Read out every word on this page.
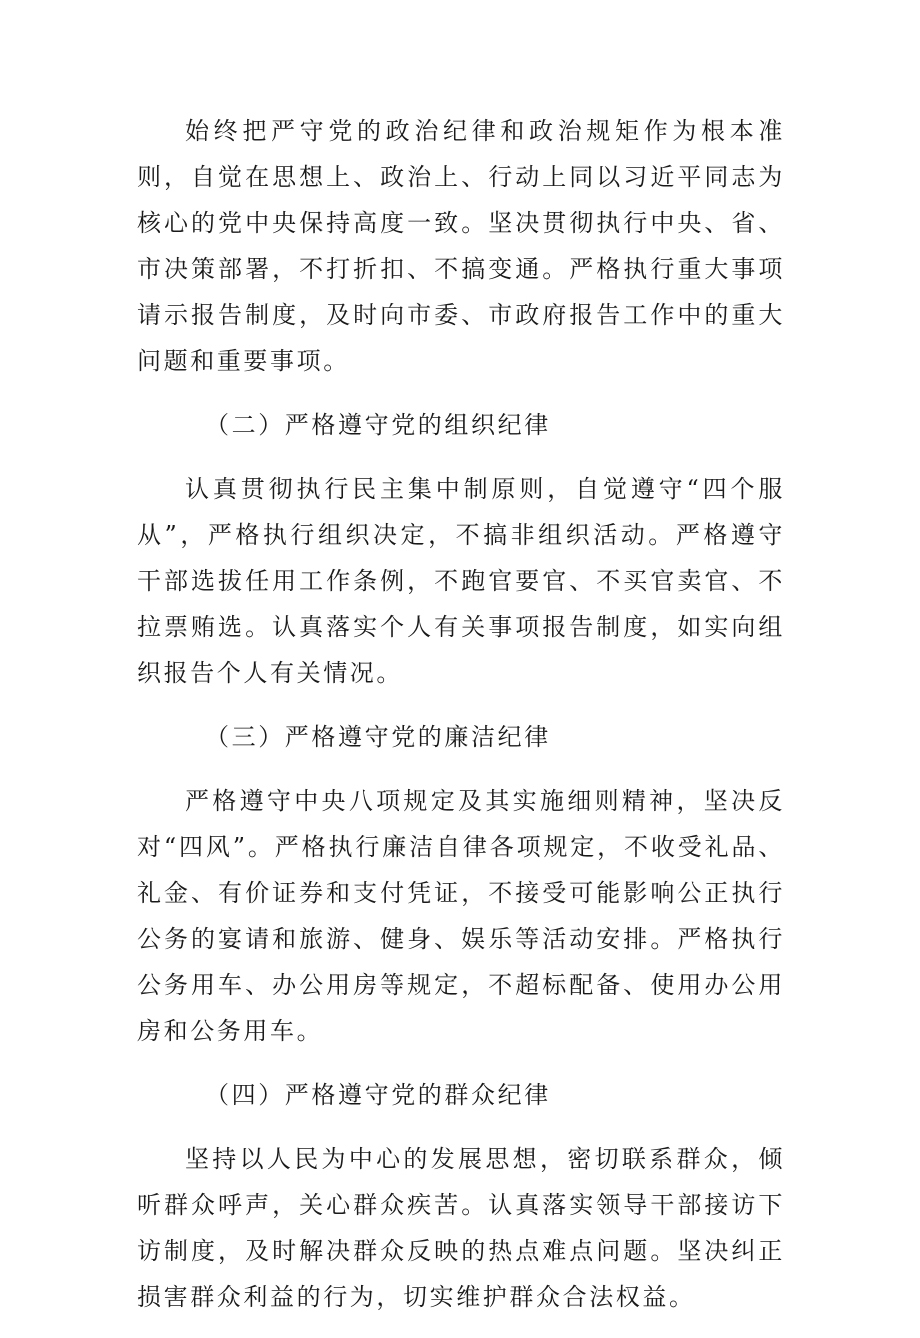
始终把严守党的政治纪律和政治规矩作为根本准则，自觉在思想上、政治上、行动上同以习近平同志为核心的党中央保持高度一致。坚决贯彻执行中央、省、市决策部署，不打折扣、不搞变通。严格执行重大事项请示报告制度，及时向市委、市政府报告工作中的重大问题和重要事项。

（二）严格遵守党的组织纪律

认真贯彻执行民主集中制原则，自觉遵守“四个服从”，严格执行组织决定，不搞非组织活动。严格遵守干部选拔任用工作条例，不跑官要官、不买官卖官、不拉票贿选。认真落实个人有关事项报告制度，如实向组织报告个人有关情况。

（三）严格遵守党的廉洁纪律

严格遵守中央八项规定及其实施细则精神，坚决反对“四风”。严格执行廉洁自律各项规定，不收受礼品、礼金、有价证券和支付凭证，不接受可能影响公正执行公务的宴请和旅游、健身、娱乐等活动安排。严格执行公务用车、办公用房等规定，不超标配备、使用办公用房和公务用车。

（四）严格遵守党的群众纪律

坚持以人民为中心的发展思想，密切联系群众，倾听群众呼声，关心群众疾苦。认真落实领导干部接访下访制度，及时解决群众反映的热点难点问题。坚决纠正损害群众利益的行为，切实维护群众合法权益。
